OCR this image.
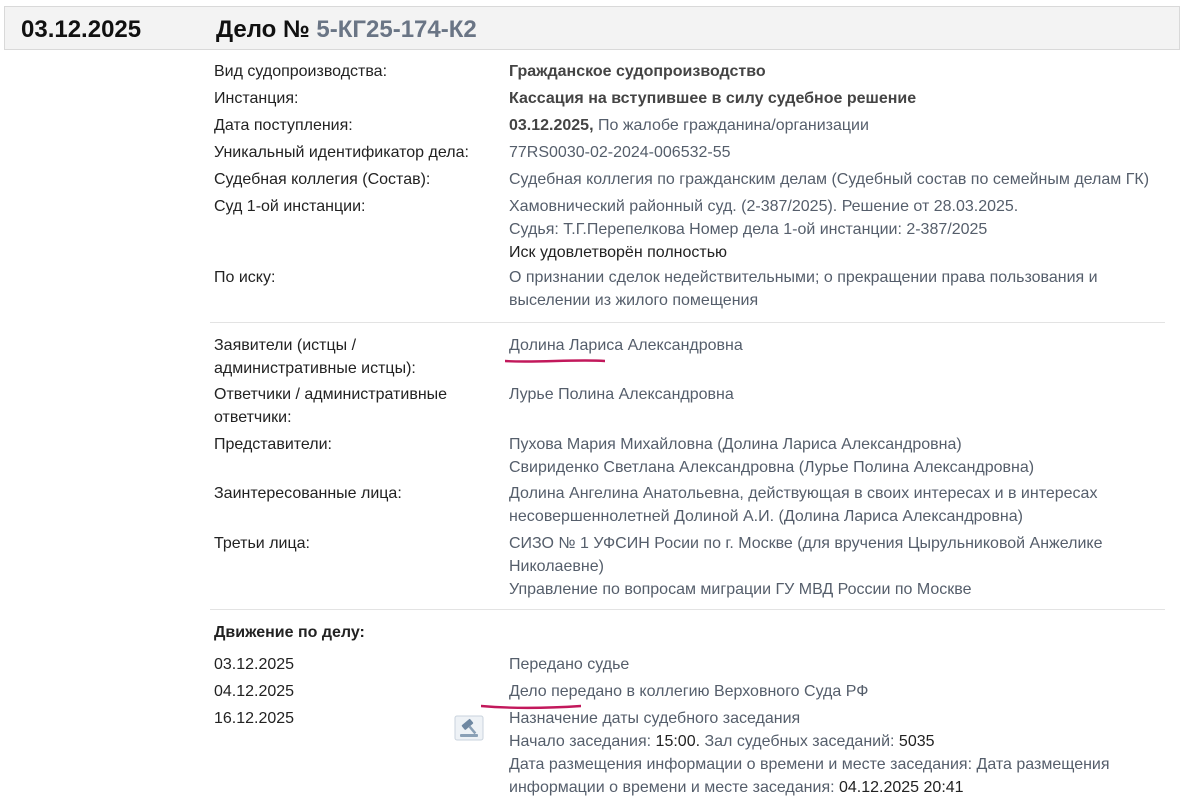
03.12.2025	Дело № 5-КГ25-174-К2
Вид судопроизводства:	Гражданское судопроизводство
Инстанция:	Кассация на вступившее в силу судебное решение
Дата поступления:	03.12.2025, По жалобе гражданина/организации
Уникальный идентификатор дела:	77RS0030-02-2024-006532-55
Судебная коллегия (Состав):	Судебная коллегия по гражданским делам (Судебный состав по семейным делам ГК)
Суд 1-ой инстанции:	Хамовнический районный суд. (2-387/2025). Решение от 28.03.2025.
Судья: Т.Г.Перепелкова Номер дела 1-ой инстанции: 2-387/2025
Иск удовлетворён полностью
По иску:	О признании сделок недействительными; о прекращении права пользования и выселении из жилого помещения
Заявители (истцы / административные истцы):
Долина Лариса Александровна
Ответчики / административные ответчики:
Лурье Полина Александровна
Представители:	Пухова Мария Михайловна (Долина Лариса Александровна)
Свириденко Светлана Александровна (Лурье Полина Александровна)
Заинтересованные лица:	Долина Ангелина Анатольевна, действующая в своих интересах и в интересах
несовершеннолетней Долиной А.И. (Долина Лариса Александровна)
Третьи лица:	СИЗО № 1 УФСИН Росии по г. Москве (для вручения Цырульниковой Анжелике
Николаевне)
Управление по вопросам миграции ГУ МВД России по Москве
Движение по делу:
03.12.2025	Передано судье
04.12.2025	Дело передано в коллегию Верховного Суда РФ
16.12.2025	Назначение даты судебного заседания
Начало заседания: 15:00. Зал судебных заседаний: 5035
Дата размещения информации о времени и месте заседания: Дата размещения информации о времени и месте заседания: 04.12.2025 20:41
